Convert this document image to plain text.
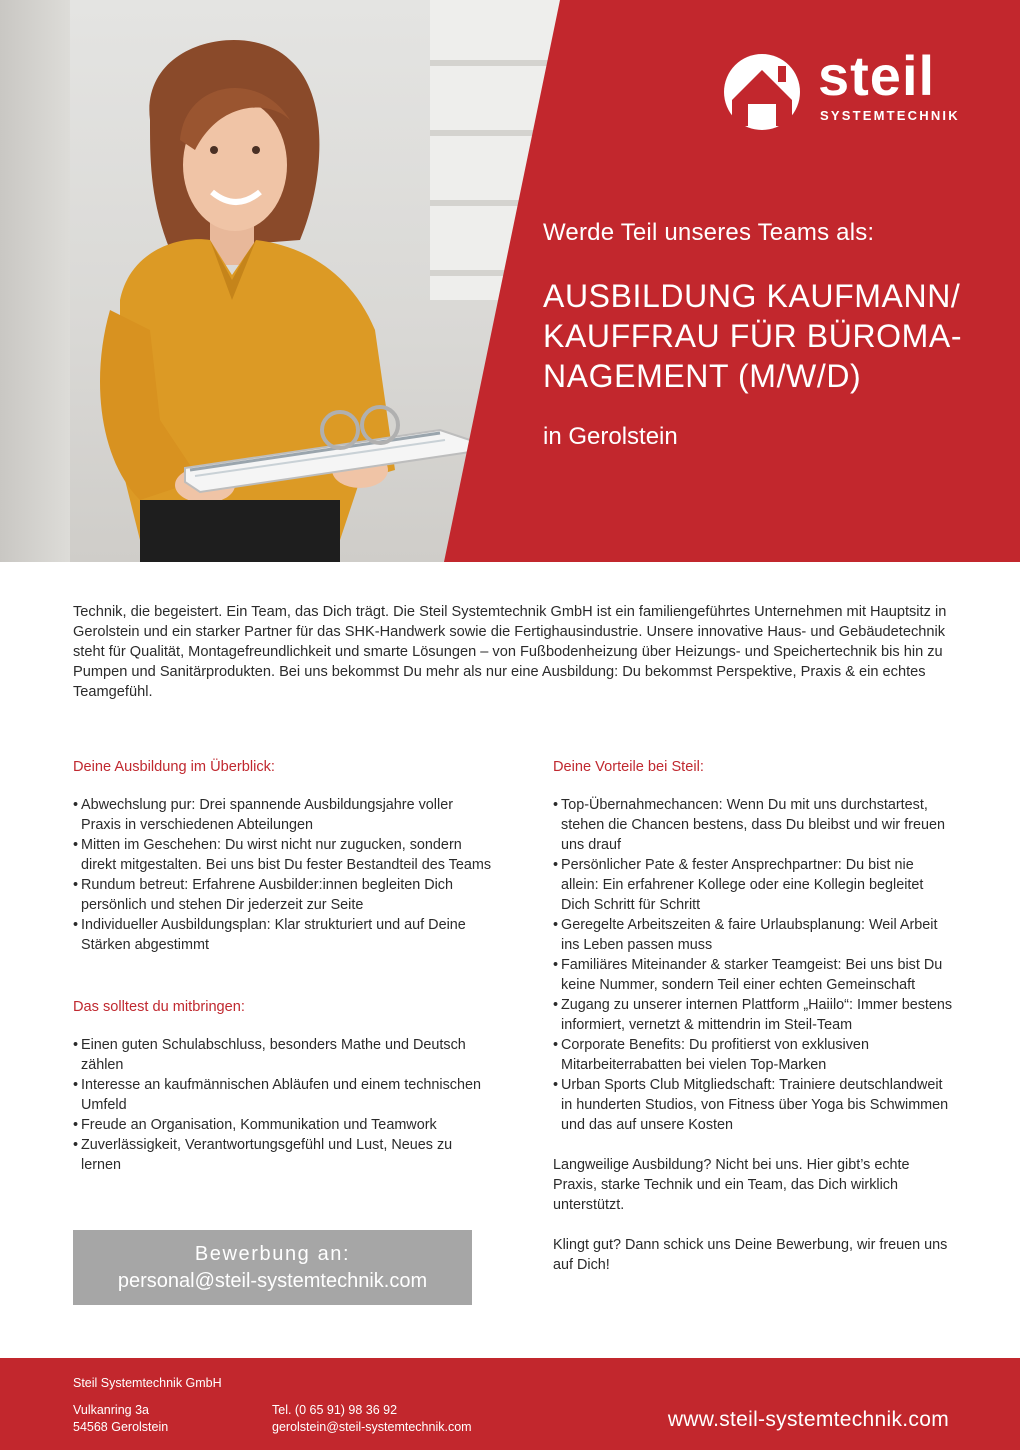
steil
SYSTEMTECHNIK
Werde Teil unseres Teams als:
AUSBILDUNG KAUFMANN/
KAUFFRAU FÜR BÜROMA-
NAGEMENT (M/W/D)
in Gerolstein

Technik, die begeistert. Ein Team, das Dich trägt. Die Steil Systemtechnik GmbH ist ein familiengeführtes Unternehmen mit Hauptsitz in Gerolstein und ein starker Partner für das SHK-Handwerk sowie die Fertighausindustrie. Unsere innovative Haus- und Gebäudetechnik steht für Qualität, Montagefreundlichkeit und smarte Lösungen – von Fußbodenheizung über Heizungs- und Speichertechnik bis hin zu Pumpen und Sanitärprodukten. Bei uns bekommst Du mehr als nur eine Ausbildung: Du bekommst Perspektive, Praxis & ein echtes Teamgefühl.

Deine Ausbildung im Überblick:
• Abwechslung pur: Drei spannende Ausbildungsjahre voller Praxis in verschiedenen Abteilungen
• Mitten im Geschehen: Du wirst nicht nur zugucken, sondern direkt mitgestalten. Bei uns bist Du fester Bestandteil des Teams
• Rundum betreut: Erfahrene Ausbilder:innen begleiten Dich persönlich und stehen Dir jederzeit zur Seite
• Individueller Ausbildungsplan: Klar strukturiert und auf Deine Stärken abgestimmt
Das solltest du mitbringen:
• Einen guten Schulabschluss, besonders Mathe und Deutsch zählen
• Interesse an kaufmännischen Abläufen und einem technischen Umfeld
• Freude an Organisation, Kommunikation und Teamwork
• Zuverlässigkeit, Verantwortungsgefühl und Lust, Neues zu lernen
Deine Vorteile bei Steil:
• Top-Übernahmechancen: Wenn Du mit uns durchstartest, stehen die Chancen bestens, dass Du bleibst und wir freuen uns drauf
• Persönlicher Pate & fester Ansprechpartner: Du bist nie allein: Ein erfahrener Kollege oder eine Kollegin begleitet Dich Schritt für Schritt
• Geregelte Arbeitszeiten & faire Urlaubsplanung: Weil Arbeit ins Leben passen muss
• Familiäres Miteinander & starker Teamgeist: Bei uns bist Du keine Nummer, sondern Teil einer echten Gemeinschaft
• Zugang zu unserer internen Plattform „Haiilo“: Immer bestens informiert, vernetzt & mittendrin im Steil-Team
• Corporate Benefits: Du profitierst von exklusiven Mitarbeiterrabatten bei vielen Top-Marken
• Urban Sports Club Mitgliedschaft: Trainiere deutschlandweit in hunderten Studios, von Fitness über Yoga bis Schwimmen und das auf unsere Kosten

Langweilige Ausbildung? Nicht bei uns. Hier gibt’s echte Praxis, starke Technik und ein Team, das Dich wirklich unterstützt.

Klingt gut? Dann schick uns Deine Bewerbung, wir freuen uns auf Dich!

Bewerbung an:
personal@steil-systemtechnik.com
Steil Systemtechnik GmbH
Vulkanring 3a
54568 Gerolstein
Tel. (0 65 91) 98 36 92
gerolstein@steil-systemtechnik.com	www.steil-systemtechnik.com
